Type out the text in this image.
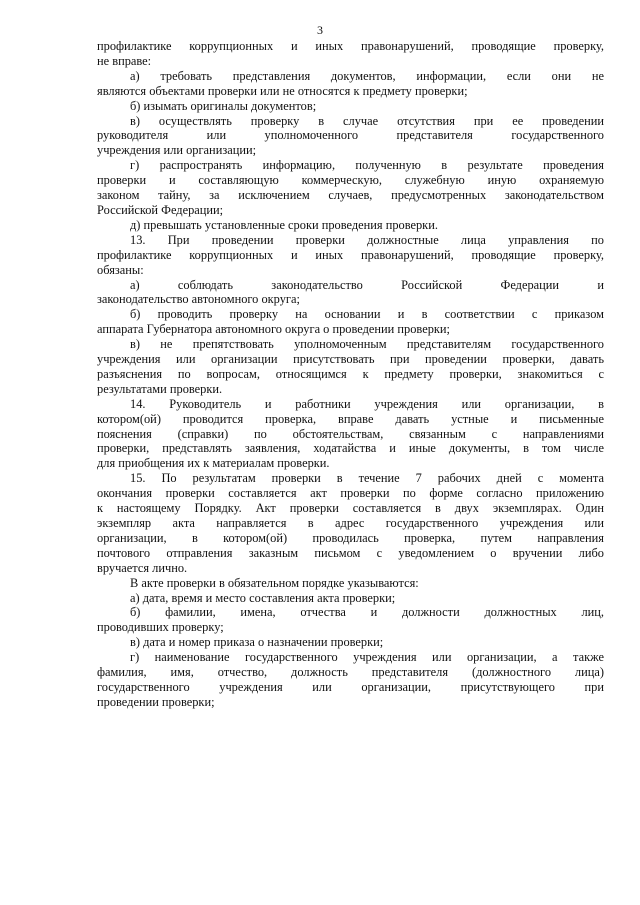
3
профилактике коррупционных и иных правонарушений, проводящие проверку,
не вправе:
а) требовать представления документов, информации, если они не
являются объектами проверки или не относятся к предмету проверки;
б) изымать оригиналы документов;
в) осуществлять проверку в случае отсутствия при ее проведении
руководителя или уполномоченного представителя государственного
учреждения или организации;
г) распространять информацию, полученную в результате проведения
проверки и составляющую коммерческую, служебную иную охраняемую
законом тайну, за исключением случаев, предусмотренных законодательством
Российской Федерации;
д) превышать установленные сроки проведения проверки.
13. При проведении проверки должностные лица управления по
профилактике коррупционных и иных правонарушений, проводящие проверку,
обязаны:
а) соблюдать законодательство Российской Федерации и
законодательство автономного округа;
б) проводить проверку на основании и в соответствии с приказом
аппарата Губернатора автономного округа о проведении проверки;
в) не препятствовать уполномоченным представителям государственного
учреждения или организации присутствовать при проведении проверки, давать
разъяснения по вопросам, относящимся к предмету проверки, знакомиться с
результатами проверки.
14. Руководитель и работники учреждения или организации, в
котором(ой) проводится проверка, вправе давать устные и письменные
пояснения (справки) по обстоятельствам, связанным с направлениями
проверки, представлять заявления, ходатайства и иные документы, в том числе
для приобщения их к материалам проверки.
15. По результатам проверки в течение 7 рабочих дней с момента
окончания проверки составляется акт проверки по форме согласно приложению
к настоящему Порядку. Акт проверки составляется в двух экземплярах. Один
экземпляр акта направляется в адрес государственного учреждения или
организации, в котором(ой) проводилась проверка, путем направления
почтового отправления заказным письмом с уведомлением о вручении либо
вручается лично.
В акте проверки в обязательном порядке указываются:
а) дата, время и место составления акта проверки;
б) фамилии, имена, отчества и должности должностных лиц,
проводивших проверку;
в) дата и номер приказа о назначении проверки;
г) наименование государственного учреждения или организации, а также
фамилия, имя, отчество, должность представителя (должностного лица)
государственного учреждения или организации, присутствующего при
проведении проверки;
